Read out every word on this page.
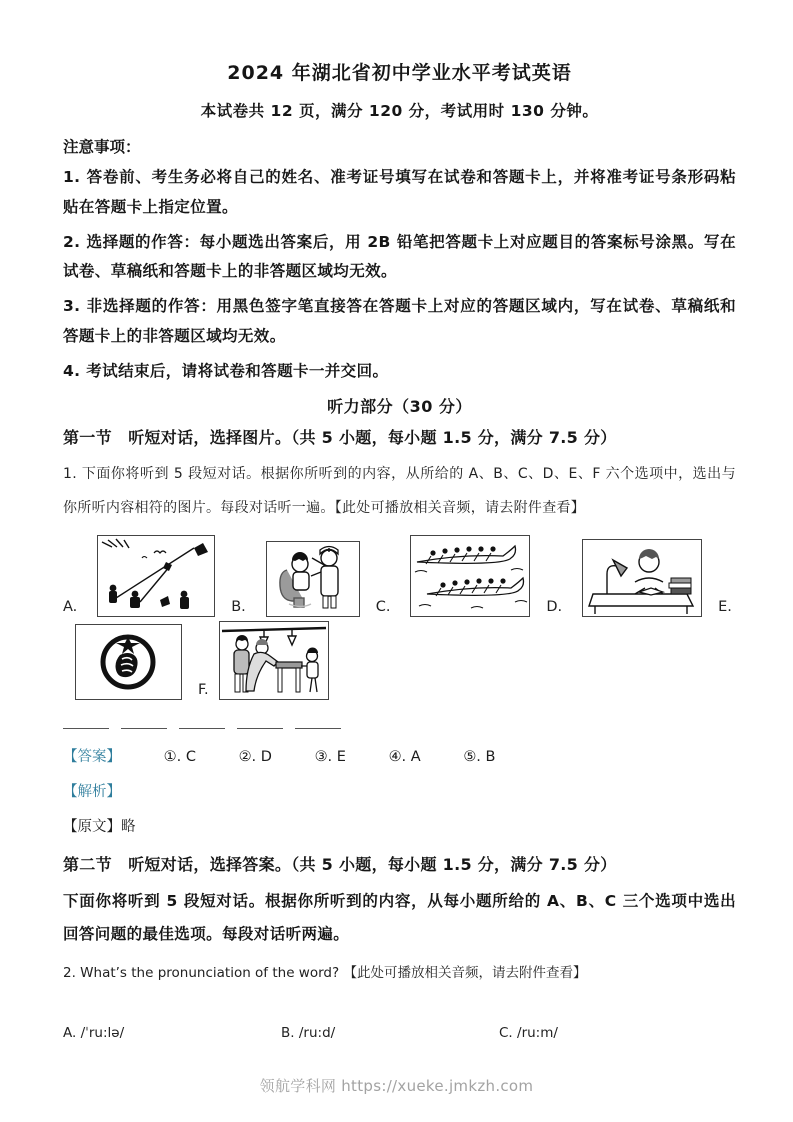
2024 年湖北省初中学业水平考试英语
本试卷共 12 页，满分 120 分，考试用时 130 分钟。
注意事项：

1. 答卷前、考生务必将自己的姓名、准考证号填写在试卷和答题卡上，并将准考证号条形码粘贴在答题卡上指定位置。

2. 选择题的作答：每小题选出答案后，用 2B 铅笔把答题卡上对应题目的答案标号涂黑。写在试卷、草稿纸和答题卡上的非答题区域均无效。

3. 非选择题的作答：用黑色签字笔直接答在答题卡上对应的答题区域内，写在试卷、草稿纸和答题卡上的非答题区域均无效。

4. 考试结束后，请将试卷和答题卡一并交回。

听力部分（30 分）
第一节　听短对话，选择图片。（共 5 小题，每小题 1.5 分，满分 7.5 分）

1. 下面你将听到 5 段短对话。根据你所听到的内容，从所给的 A、B、C、D、E、F 六个选项中，选出与你所听内容相符的图片。每段对话听一遍。【此处可播放相关音频，请去附件查看】

A.	B.	C.	D.	E.
F.

【答案】	①. C	②. D	③. E	④. A	⑤. B
【解析】
【原文】略
第二节　听短对话，选择答案。（共 5 小题，每小题 1.5 分，满分 7.5 分）

下面你将听到 5 段短对话。根据你所听到的内容，从每小题所给的 A、B、C 三个选项中选出回答问题的最佳选项。每段对话听两遍。

2. What’s the pronunciation of the word? 【此处可播放相关音频，请去附件查看】

A. /ˈru:lə/	B. /ru:d/	C. /ru:m/
领航学科网 https://xueke.jmkzh.com
